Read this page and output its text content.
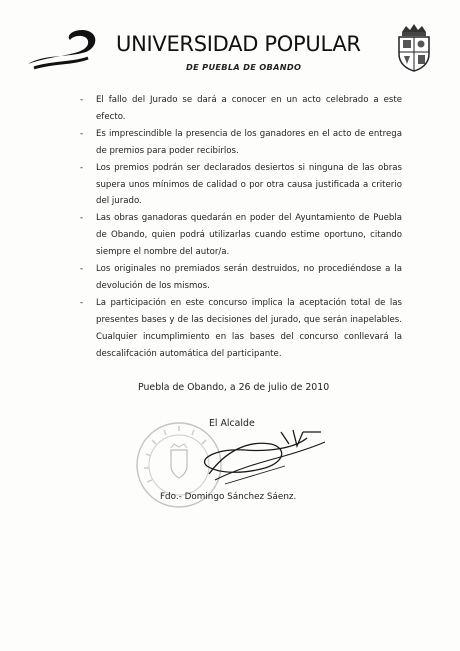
UNIVERSIDAD POPULAR
DE PUEBLA DE OBANDO
- El fallo del Jurado se dará a conocer en un acto celebrado a este efecto.
- Es imprescindible la presencia de los ganadores en el acto de entrega de premios para poder recibirlos.
- Los premios podrán ser declarados desiertos si ninguna de las obras supera unos mínimos de calidad o por otra causa justificada a criterio del jurado.
- Las obras ganadoras quedarán en poder del Ayuntamiento de Puebla de Obando, quien podrá utilizarlas cuando estime oportuno, citando siempre el nombre del autor/a.
- Los originales no premiados serán destruidos, no procediéndose a la devolución de los mismos.
- La participación en este concurso implica la aceptación total de las presentes bases y de las decisiones del jurado, que serán inapelables. Cualquier incumplimiento en las bases del concurso conllevará la descalifcación automática del participante.
Puebla de Obando, a 26 de julio de 2010
El Alcalde
Fdo.- Domingo Sánchez Sáenz.
